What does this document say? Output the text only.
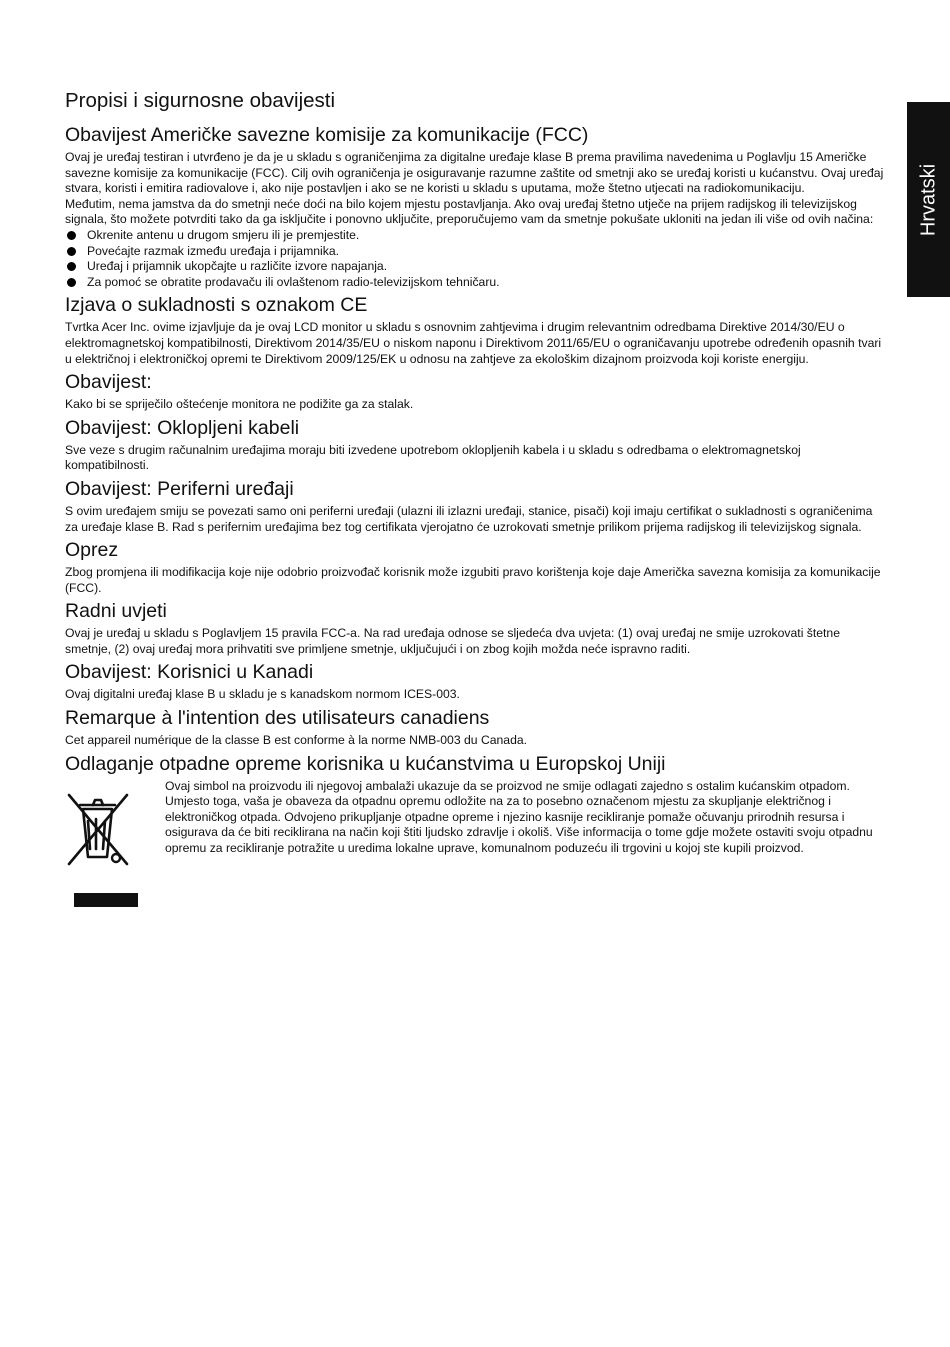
Hrvatski
Propisi i sigurnosne obavijesti
Obavijest Američke savezne komisije za komunikacije (FCC)

Ovaj je uređaj testiran i utvrđeno je da je u skladu s ograničenjima za digitalne uređaje klase B prema pravilima navedenima u Poglavlju 15 Američke savezne komisije za komunikacije (FCC). Cilj ovih ograničenja je osiguravanje razumne zaštite od smetnji ako se uređaj koristi u kućanstvu. Ovaj uređaj stvara, koristi i emitira radiovalove i, ako nije postavljen i ako se ne koristi u skladu s uputama, može štetno utjecati na radiokomunikaciju.

Međutim, nema jamstva da do smetnji neće doći na bilo kojem mjestu postavljanja. Ako ovaj uređaj štetno utječe na prijem radijskog ili televizijskog signala, što možete potvrditi tako da ga isključite i ponovno uključite, preporučujemo vam da smetnje pokušate ukloniti na jedan ili više od ovih načina:

Okrenite antenu u drugom smjeru ili je premjestite.
Povećajte razmak između uređaja i prijamnika.
Uređaj i prijamnik ukopčajte u različite izvore napajanja.
Za pomoć se obratite prodavaču ili ovlaštenom radio-televizijskom tehničaru.
Izjava o sukladnosti s oznakom CE

Tvrtka Acer Inc. ovime izjavljuje da je ovaj LCD monitor u skladu s osnovnim zahtjevima i drugim relevantnim odredbama Direktive 2014/30/EU o elektromagnetskoj kompatibilnosti, Direktivom 2014/35/EU o niskom naponu i Direktivom 2011/65/EU o ograničavanju upotrebe određenih opasnih tvari u električnoj i elektroničkoj opremi te Direktivom 2009/125/EK u odnosu na zahtjeve za ekološkim dizajnom proizvoda koji koriste energiju.

Obavijest:

Kako bi se spriječilo oštećenje monitora ne podižite ga za stalak.

Obavijest: Oklopljeni kabeli

Sve veze s drugim računalnim uređajima moraju biti izvedene upotrebom oklopljenih kabela i u skladu s odredbama o elektromagnetskoj kompatibilnosti.

Obavijest: Periferni uređaji

S ovim uređajem smiju se povezati samo oni periferni uređaji (ulazni ili izlazni uređaji, stanice, pisači) koji imaju certifikat o sukladnosti s ograničenima za uređaje klase B. Rad s perifernim uređajima bez tog certifikata vjerojatno će uzrokovati smetnje prilikom prijema radijskog ili televizijskog signala.

Oprez

Zbog promjena ili modifikacija koje nije odobrio proizvođač korisnik može izgubiti pravo korištenja koje daje Američka savezna komisija za komunikacije (FCC).

Radni uvjeti

Ovaj je uređaj u skladu s Poglavljem 15 pravila FCC-a. Na rad uređaja odnose se sljedeća dva uvjeta: (1) ovaj uređaj ne smije uzrokovati štetne smetnje, (2) ovaj uređaj mora prihvatiti sve primljene smetnje, uključujući i on zbog kojih možda neće ispravno raditi.

Obavijest: Korisnici u Kanadi

Ovaj digitalni uređaj klase B u skladu je s kanadskom normom ICES-003.

Remarque à l'intention des utilisateurs canadiens

Cet appareil numérique de la classe B est conforme à la norme NMB-003 du Canada.

Odlaganje otpadne opreme korisnika u kućanstvima u Europskoj Uniji

Ovaj simbol na proizvodu ili njegovoj ambalaži ukazuje da se proizvod ne smije odlagati zajedno s ostalim kućanskim otpadom. Umjesto toga, vaša je obaveza da otpadnu opremu odložite na za to posebno označenom mjestu za skupljanje električnog i elektroničkog otpada. Odvojeno prikupljanje otpadne opreme i njezino kasnije recikliranje pomaže očuvanju prirodnih resursa i osigurava da će biti reciklirana na način koji štiti ljudsko zdravlje i okoliš. Više informacija o tome gdje možete ostaviti svoju otpadnu opremu za recikliranje potražite u uredima lokalne uprave, komunalnom poduzeću ili trgovini u kojoj ste kupili proizvod.
